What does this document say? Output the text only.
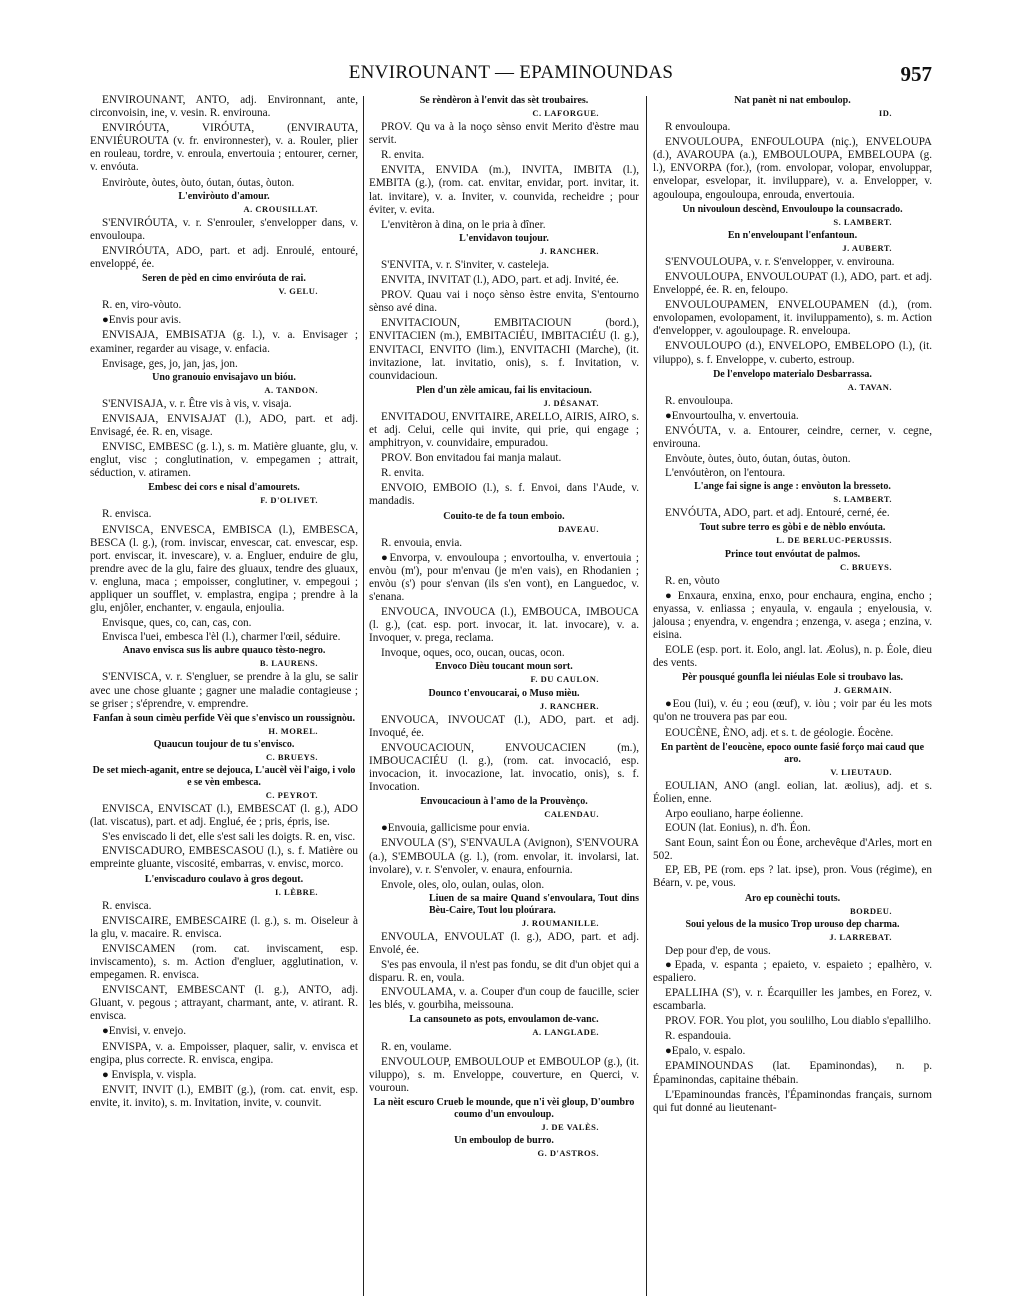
ENVIROUNANT — EPAMINOUNDAS	957

ENVIROUNANT, ANTO, adj. Environnant, ante, circonvoisin, ine, v. vesin. R. envirouna.

ENVIRÓUTA, VIRÓUTA, (ENVIRAUTA, ENVIÉUROUTA (v. fr. environnester), v. a. Rouler, plier en rouleau, tordre, v. enroula, envertouia ; entourer, cerner, v. envóuta.

Enviròute, òutes, òuto, óutan, óutas, òuton.

L'enviròuto d'amour.

A. CROUSILLAT.

S'ENVIRÓUTA, v. r. S'enrouler, s'envelopper dans, v. envouloupa.

ENVIRÓUTA, ADO, part. et adj. Enroulé, entouré, enveloppé, ée.

Seren de pèd en cimo enviróuta de rai.

V. GELU.

R. en, viro-vòuto.

●Envis pour avis.

ENVISAJA, EMBISATJA (g. l.), v. a. Envisager ; examiner, regarder au visage, v. enfacia.

Envisage, ges, jo, jan, jas, jon.

Uno granouio envisajavo un bióu.

A. TANDON.

S'ENVISAJA, v. r. Être vis à vis, v. visaja.

ENVISAJA, ENVISAJAT (l.), ADO, part. et adj. Envisagé, ée. R. en, visage.

ENVISC, EMBESC (g. l.), s. m. Matière gluante, glu, v. englut, visc ; conglutination, v. empegamen ; attrait, séduction, v. atiramen.

Embesc dei cors e nisal d'amourets.

F. D'OLIVET.

R. envisca.

ENVISCA, ENVESCA, EMBISCA (l.), EMBESCA, BESCA (l. g.), (rom. inviscar, envescar, cat. envescar, esp. port. enviscar, it. invescare), v. a. Engluer, enduire de glu, prendre avec de la glu, faire des gluaux, tendre des gluaux, v. engluna, maca ; empoisser, conglutiner, v. empegoui ; appliquer un soufflet, v. emplastra, engipa ; prendre à la glu, enjôler, enchanter, v. engaula, enjoulia.

Envisque, ques, co, can, cas, con.

Envisca l'uei, embesca l'èl (l.), charmer l'œil, séduire.

Anavo envisca sus lis aubre quauco tèsto-negro.

B. LAURENS.

S'ENVISCA, v. r. S'engluer, se prendre à la glu, se salir avec une chose gluante ; gagner une maladie contagieuse ; se griser ; s'éprendre, v. emprendre.

Fanfan à soun cimèu perfide Vèi que s'envisco un roussignòu.

H. MOREL.

Quaucun toujour de tu s'envisco.

C. BRUEYS.

De set miech-aganit, entre se dejouca, L'aucèl vèi l'aigo, i volo e se vèn embesca.

C. PEYROT.

ENVISCA, ENVISCAT (l.), EMBESCAT (l. g.), ADO (lat. viscatus), part. et adj. Englué, ée ; pris, épris, ise.

S'es enviscado li det, elle s'est sali les doigts. R. en, visc.

ENVISCADURO, EMBESCASOU (l.), s. f. Matière ou empreinte gluante, viscosité, embarras, v. envisc, morco.

L'enviscaduro coulavo à gros degout.

I. LÈBRE.

R. envisca.

ENVISCAIRE, EMBESCAIRE (l. g.), s. m. Oiseleur à la glu, v. macaire. R. envisca.

ENVISCAMEN (rom. cat. inviscament, esp. inviscamento), s. m. Action d'engluer, agglutination, v. empegamen. R. envisca.

ENVISCANT, EMBESCANT (l. g.), ANTO, adj. Gluant, v. pegous ; attrayant, charmant, ante, v. atirant. R. envisca.

●Envisi, v. envejo.

ENVISPA, v. a. Empoisser, plaquer, salir, v. envisca et engipa, plus correcte. R. envisca, engipa.

● Envispla, v. vispla.

ENVIT, INVIT (l.), EMBIT (g.), (rom. cat. envit, esp. envite, it. invito), s. m. Invitation, invite, v. counvit.

Se rèndèron à l'envit das sèt troubaires.

C. LAFORGUE.

PROV. Qu va à la noço sènso envit Merito d'èstre mau servit.

R. envita.

ENVITA, ENVIDA (m.), INVITA, IMBITA (l.), EMBITA (g.), (rom. cat. envitar, envidar, port. invitar, it. lat. invitare), v. a. Inviter, v. counvida, recheidre ; pour éviter, v. evita.

L'envitèron à dina, on le pria à dîner.

L'envidavon toujour.

J. RANCHER.

S'ENVITA, v. r. S'inviter, v. casteleja.

ENVITA, INVITAT (l.), ADO, part. et adj. Invité, ée.

PROV. Quau vai i noço sènso èstre envita, S'entourno sènso avé dina.

ENVITACIOUN, EMBITACIOUN (bord.), ENVITACIEN (m.), EMBITACIÉU, IMBITACIÉU (l. g.), ENVITACI, ENVITO (lim.), ENVITACHI (Marche), (it. invitazione, lat. invitatio, onis), s. f. Invitation, v. counvidacioun.

Plen d'un zèle amicau, fai lis envitacioun.

J. DÉSANAT.

ENVITADOU, ENVITAIRE, ARELLO, AIRIS, AIRO, s. et adj. Celui, celle qui invite, qui prie, qui engage ; amphitryon, v. counvidaire, empuradou.

PROV. Bon envitadou fai manja malaut.

R. envita.

ENVOIO, EMBOIO (l.), s. f. Envoi, dans l'Aude, v. mandadis.

Couito-te de fa toun emboio.

DAVEAU.

R. envouia, envia.

●Envorpa, v. envouloupa ; envortoulha, v. envertouia ; envòu (m'), pour m'envau (je m'en vais), en Rhodanien ; envòu (s') pour s'envan (ils s'en vont), en Languedoc, v. s'enana.

ENVOUCA, INVOUCA (l.), EMBOUCA, IMBOUCA (l. g.), (cat. esp. port. invocar, it. lat. invocare), v. a. Invoquer, v. prega, reclama.

Invoque, oques, oco, oucan, oucas, ocon.

Envoco Dièu toucant moun sort.

F. DU CAULON.

Dounco t'envoucarai, o Muso mièu.

J. RANCHER.

ENVOUCA, INVOUCAT (l.), ADO, part. et adj. Invoqué, ée.

ENVOUCACIOUN, ENVOUCACIEN (m.), IMBOUCACIÉU (l. g.), (rom. cat. invocació, esp. invocacion, it. invocazione, lat. invocatio, onis), s. f. Invocation.

Envoucacioun à l'amo de la Prouvènço.

CALENDAU.

●Envouia, gallicisme pour envia.

ENVOULA (S'), S'ENVAULA (Avignon), S'ENVOURA (a.), S'EMBOULA (g. l.), (rom. envolar, it. involarsi, lat. involare), v. r. S'envoler, v. enaura, enfournia.

Envole, oles, olo, oulan, oulas, olon.

Liuen de sa maire Quand s'envoulara, Tout dins Bèu-Caire, Tout lou ploúrara.

J. ROUMANILLE.

ENVOULA, ENVOULAT (l. g.), ADO, part. et adj. Envolé, ée.

S'es pas envoula, il n'est pas fondu, se dit d'un objet qui a disparu. R. en, voula.

ENVOULAMA, v. a. Couper d'un coup de faucille, scier les blés, v. gourbiha, meissouna.

La cansouneto as pots, envoulamon de-vanc.

A. LANGLADE.

R. en, voulame.

ENVOULOUP, EMBOULOUP et EMBOULOP (g.), (it. viluppo), s. m. Enveloppe, couverture, en Querci, v. vouroun.

La nèit escuro Crueb le mounde, que n'i vèi gloup, D'oumbro coumo d'un envouloup.

J. DE VALÈS.

Un emboulop de burro.

G. D'ASTROS.

Nat panèt ni nat emboulop.

ID.

R envouloupa.

ENVOULOUPA, ENFOULOUPA (niç.), ENVELOUPA (d.), AVAROUPA (a.), EMBOULOUPA, EMBELOUPA (g. l.), ENVORPA (for.), (rom. envolopar, volopar, envoluppar, envelopar, esvelopar, it. inviluppare), v. a. Envelopper, v. agouloupa, engouloupa, enrouda, envertouia.

Un nivouloun descènd, Envouloupo la counsacrado.

S. LAMBERT.

En n'enveloupant l'enfantoun.

J. AUBERT.

S'ENVOULOUPA, v. r. S'envelopper, v. envirouna.

ENVOULOUPA, ENVOULOUPAT (l.), ADO, part. et adj. Enveloppé, ée. R. en, feloupo.

ENVOULOUPAMEN, ENVELOUPAMEN (d.), (rom. envolopamen, evolopament, it. inviluppamento), s. m. Action d'envelopper, v. agouloupage. R. enveloupa.

ENVOULOUPO (d.), ENVELOPO, EMBELOPO (l.), (it. viluppo), s. f. Enveloppe, v. cuberto, estroup.

De l'envelopo materialo Desbarrassa.

A. TAVAN.

R. envouloupa.

●Envourtoulha, v. envertouia.

ENVÓUTA, v. a. Entourer, ceindre, cerner, v. cegne, envirouna.

Envòute, òutes, òuto, óutan, óutas, òuton.

L'envóutèron, on l'entoura.

L'ange fai signe is ange : envòuton la bresseto.

S. LAMBERT.

ENVÓUTA, ADO, part. et adj. Entouré, cerné, ée.

Tout subre terro es gòbi e de nèblo envóuta.

L. DE BERLUC-PERUSSIS.

Prince tout envóutat de palmos.

C. BRUEYS.

R. en, vòuto

● Enxaura, enxina, enxo, pour enchaura, engina, encho ; enyassa, v. enliassa ; enyaula, v. engaula ; enyelousia, v. jalousa ; enyendra, v. engendra ; enzenga, v. asega ; enzina, v. eisina.

EOLE (esp. port. it. Eolo, angl. lat. Æolus), n. p. Éole, dieu des vents.

Pèr pousqué gounfla lei niéulas Eole si troubavo las.

J. GERMAIN.

●Eou (lui), v. éu ; eou (œuf), v. iòu ; voir par éu les mots qu'on ne trouvera pas par eou.

EOUCÈNE, ÈNO, adj. et s. t. de géologie. Éocène.

En partènt de l'eoucène, epoco ounte fasié forço mai caud que aro.

V. LIEUTAUD.

EOULIAN, ANO (angl. eolian, lat. æolius), adj. et s. Éolien, enne.

Arpo eouliano, harpe éolienne.

EOUN (lat. Eonius), n. d'h. Éon.

Sant Eoun, saint Éon ou Éone, archevêque d'Arles, mort en 502.

EP, EB, PE (rom. eps ? lat. ipse), pron. Vous (régime), en Béarn, v. pe, vous.

Aro ep counèchi touts.

BORDEU.

Soui yelous de la musico Trop urouso dep charma.

J. LARREBAT.

Dep pour d'ep, de vous.

●Epada, v. espanta ; epaieto, v. espaieto ; epalhèro, v. espaliero.

EPALLIHA (S'), v. r. Écarquiller les jambes, en Forez, v. escambarla.

PROV. FOR. You plot, you soulilho, Lou diablo s'epallilho.

R. espandouia.

●Epalo, v. espalo.

EPAMINOUNDAS (lat. Epaminondas), n. p. Épaminondas, capitaine thébain.

L'Epaminoundas francès, l'Épaminondas français, surnom qui fut donné au lieutenant-
